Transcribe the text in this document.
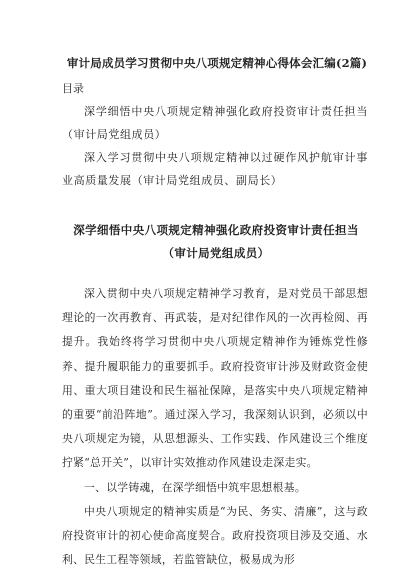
审计局成员学习贯彻中央八项规定精神心得体会汇编(2篇)
目录
深学细悟中央八项规定精神强化政府投资审计责任担当（审计局党组成员）
深入学习贯彻中央八项规定精神以过硬作风护航审计事业高质量发展（审计局党组成员、副局长）
深学细悟中央八项规定精神强化政府投资审计责任担当
（审计局党组成员）

深入贯彻中央八项规定精神学习教育，是对党员干部思想理论的一次再教育、再武装，是对纪律作风的一次再检阅、再提升。我始终将学习贯彻中央八项规定精神作为锤炼党性修养、提升履职能力的重要抓手。政府投资审计涉及财政资金使用、重大项目建设和民生福祉保障，是落实中央八项规定精神的重要“前沿阵地”。通过深入学习，我深刻认识到，必须以中央八项规定为镜，从思想源头、工作实践、作风建设三个维度拧紧“总开关”，以审计实效推动作风建设走深走实。

一、以学铸魂，在深学细悟中筑牢思想根基。

中央八项规定的精神实质是“为民、务实、清廉”，这与政府投资审计的初心使命高度契合。政府投资项目涉及交通、水利、民生工程等领域，若监管缺位，极易成为形
